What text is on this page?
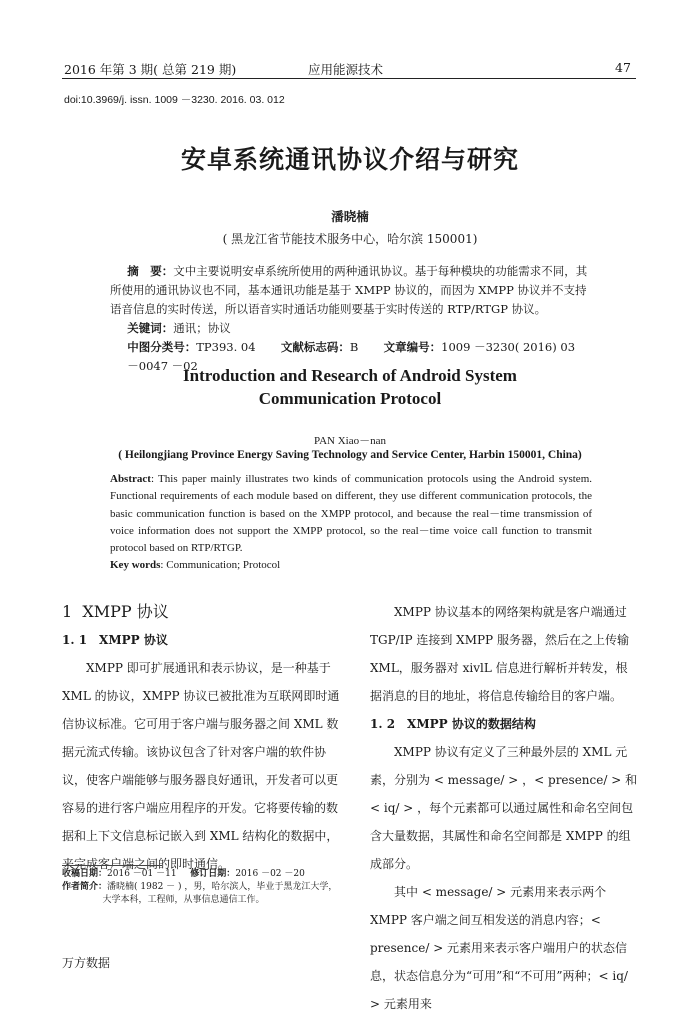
2016 年第 3 期( 总第 219 期)	应用能源技术	47
doi:10.3969/j. issn. 1009 －3230. 2016. 03. 012
安卓系统通讯协议介绍与研究
潘晓楠
( 黑龙江省节能技术服务中心，哈尔滨 150001)

摘　要：文中主要说明安卓系统所使用的两种通讯协议。基于每种模块的功能需求不同，其所使用的通讯协议也不同，基本通讯功能是基于 XMPP 协议的，而因为 XMPP 协议并不支持语音信息的实时传送，所以语音实时通话功能则要基于实时传送的 RTP/RTGP 协议。

关键词：通讯；协议

中图分类号：TP393. 04 文献标志码：B 文章编号：1009 －3230( 2016) 03 －0047 －02

Introduction and Research of Android System
Communication Protocol
PAN Xiao－nan
( Heilongjiang Province Energy Saving Technology and Service Center, Harbin 150001, China)

Abstract: This paper mainly illustrates two kinds of communication protocols using the Android system. Functional requirements of each module based on different, they use different communication protocols, the basic communication function is based on the XMPP protocol, and because the real－time transmission of voice information does not support the XMPP protocol, so the real－time voice call function to transmit protocol based on RTP/RTGP.

Key words: Communication; Protocol

1 XMPP 协议
1. 1　XMPP 协议

XMPP 即可扩展通讯和表示协议，是一种基于 XML 的协议，XMPP 协议已被批准为互联网即时通信协议标准。它可用于客户端与服务器之间 XML 数据元流式传输。该协议包含了针对客户端的软件协议，使客户端能够与服务器良好通讯，开发者可以更容易的进行客户端应用程序的开发。它将要传输的数据和上下文信息标记嵌入到 XML 结构化的数据中，来完成客户端之间的即时通信。

收稿日期：2016 －01 －11 修订日期：2016 －02 －20
作者简介：潘晓楠( 1982 － ) ，男，哈尔滨人，毕业于黑龙江大学，大学本科，工程师，从事信息通信工作。

XMPP 协议基本的网络架构就是客户端通过 TGP/IP 连接到 XMPP 服务器，然后在之上传输 XML，服务器对 xivlL 信息进行解析并转发，根据消息的目的地址，将信息传输给目的客户端。

1. 2　XMPP 协议的数据结构

XMPP 协议有定义了三种最外层的 XML 元素，分别为 < message/ > ，< presence/ > 和 < iq/ > ，每个元素都可以通过属性和命名空间包含大量数据，其属性和命名空间都是 XMPP 的组成部分。

其中 < message/ > 元素用来表示两个 XMPP 客户端之间互相发送的消息内容；< presence/ > 元素用来表示客户端用户的状态信息，状态信息分为“可用”和“不可用”两种；< iq/ > 元素用来

万方数据
